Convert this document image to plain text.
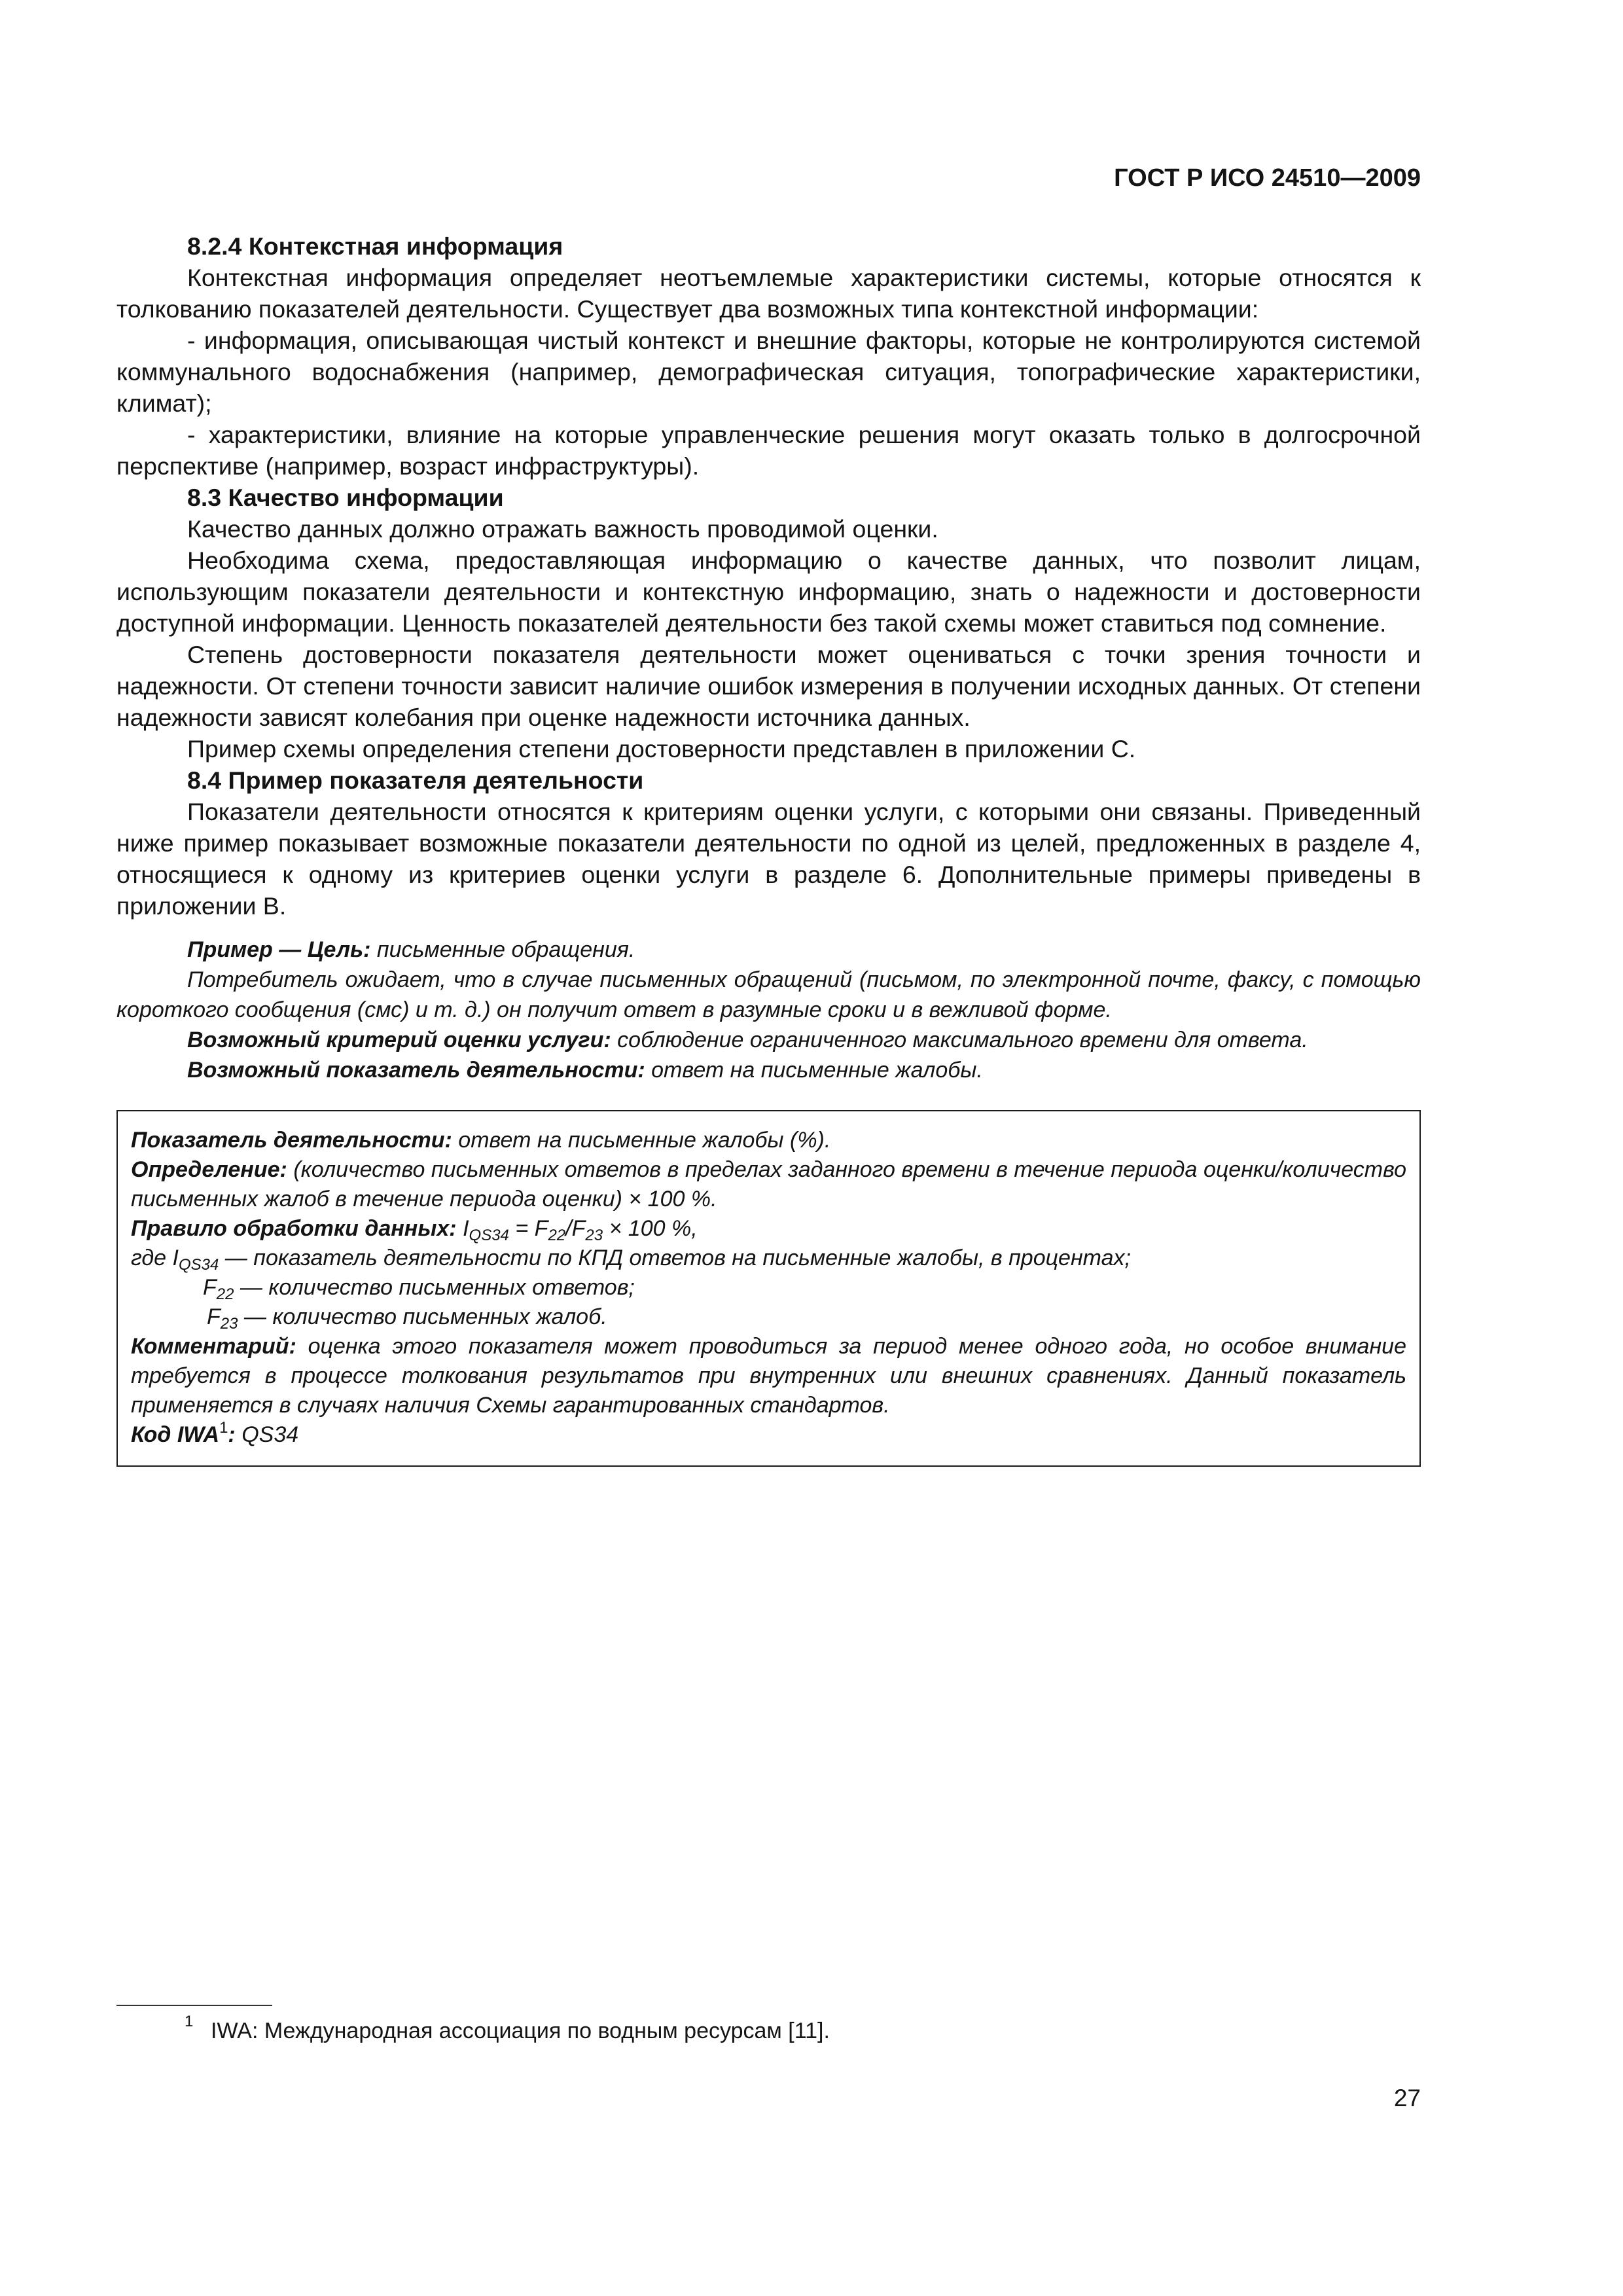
ГОСТ Р ИСО 24510—2009

8.2.4 Контекстная информация

Контекстная информация определяет неотъемлемые характеристики системы, которые относятся к толкованию показателей деятельности. Существует два возможных типа контекстной информации:

- информация, описывающая чистый контекст и внешние факторы, которые не контролируются системой коммунального водоснабжения (например, демографическая ситуация, топографические характеристики, климат);

- характеристики, влияние на которые управленческие решения могут оказать только в долгосрочной перспективе (например, возраст инфраструктуры).

8.3 Качество информации

Качество данных должно отражать важность проводимой оценки.

Необходима схема, предоставляющая информацию о качестве данных, что позволит лицам, использующим показатели деятельности и контекстную информацию, знать о надежности и достоверности доступной информации. Ценность показателей деятельности без такой схемы может ставиться под сомнение.

Степень достоверности показателя деятельности может оцениваться с точки зрения точности и надежности. От степени точности зависит наличие ошибок измерения в получении исходных данных. От степени надежности зависят колебания при оценке надежности источника данных.

Пример схемы определения степени достоверности представлен в приложении С.

8.4 Пример показателя деятельности

Показатели деятельности относятся к критериям оценки услуги, с которыми они связаны. Приведенный ниже пример показывает возможные показатели деятельности по одной из целей, предложенных в разделе 4, относящиеся к одному из критериев оценки услуги в разделе 6. Дополнительные примеры приведены в приложении В.

Пример — Цель: письменные обращения.

Потребитель ожидает, что в случае письменных обращений (письмом, по электронной почте, факсу, с помощью короткого сообщения (смс) и т. д.) он получит ответ в разумные сроки и в вежливой форме.

Возможный критерий оценки услуги: соблюдение ограниченного максимального времени для ответа.

Возможный показатель деятельности: ответ на письменные жалобы.

Показатель деятельности: ответ на письменные жалобы (%).

Определение: (количество письменных ответов в пределах заданного времени в течение периода оценки/количество письменных жалоб в течение периода оценки) × 100 %.

Правило обработки данных: $I_{QS34} = F_{22}/F_{23} \times 100$ %,

где $I_{QS34}$ — показатель деятельности по КПД ответов на письменные жалобы, в процентах;

$F_{22}$ — количество письменных ответов;

$F_{23}$ — количество письменных жалоб.

Комментарий: оценка этого показателя может проводиться за период менее одного года, но особое внимание требуется в процессе толкования результатов при внутренних или внешних сравнениях. Данный показатель применяется в случаях наличия Схемы гарантированных стандартов.

Код IWA$^1$: QS34

1 IWA: Международная ассоциация по водным ресурсам [11].
27
